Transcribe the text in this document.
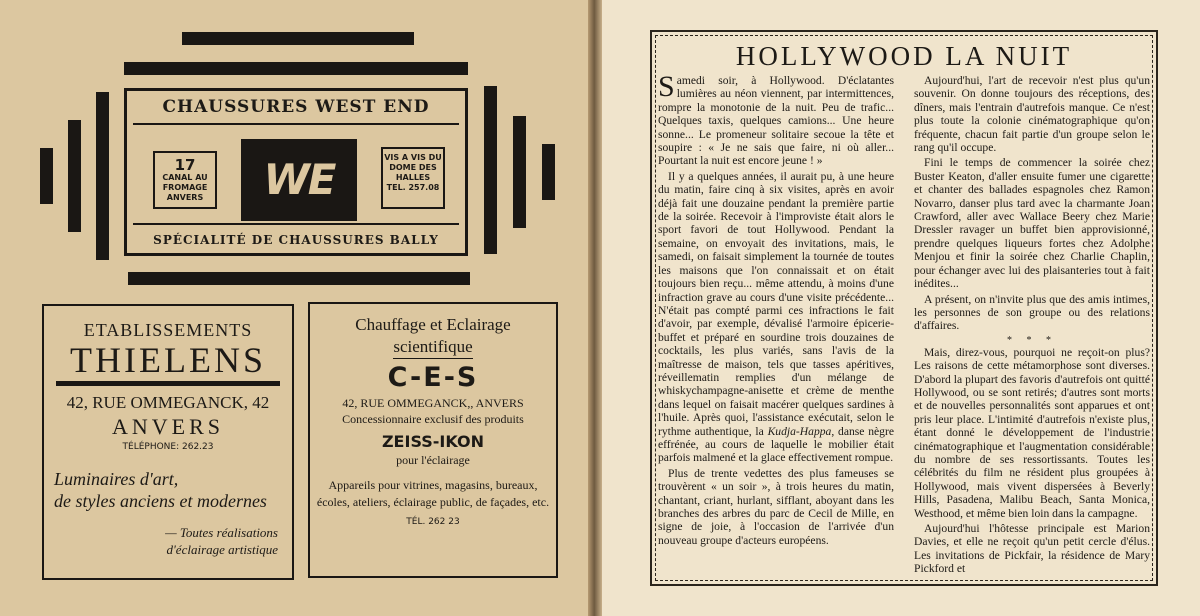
CHAUSSURES WEST END
17
CANAL AU FROMAGE ANVERS	WE	VIS A VIS DU DOME DES HALLES
TEL. 257.08
SPÉCIALITÉ DE CHAUSSURES BALLY
ETABLISSEMENTS
THIELENS
42, RUE OMMEGANCK, 42
ANVERS
TÉLÉPHONE: 262.23
Luminaires d'art,
de styles anciens et modernes
— Toutes réalisations
d'éclairage artistique
Chauffage et Eclairage
scientifique
C-E-S
42, RUE OMMEGANCK,, ANVERS
Concessionnaire exclusif des produits
ZEISS-IKON
pour l'éclairage
Appareils pour vitrines, magasins, bureaux, écoles, ateliers, éclairage public, de façades, etc.
TÉL. 262 23
HOLLYWOOD LA NUIT

Samedi soir, à Hollywood. D'éclatantes lumières au néon viennent, par intermittences, rompre la monotonie de la nuit. Peu de trafic... Quelques taxis, quelques camions... Une heure sonne... Le promeneur solitaire secoue la tête et soupire : « Je ne sais que faire, ni où aller... Pourtant la nuit est encore jeune ! »

Il y a quelques années, il aurait pu, à une heure du matin, faire cinq à six visites, après en avoir déjà fait une douzaine pendant la première partie de la soirée. Recevoir à l'improviste était alors le sport favori de tout Hollywood. Pendant la semaine, on envoyait des invitations, mais, le samedi, on faisait simplement la tournée de toutes les maisons que l'on connaissait et on était toujours bien reçu... même attendu, à moins d'une infraction grave au cours d'une visite précédente... N'était pas compté parmi ces infractions le fait d'avoir, par exemple, dévalisé l'armoire épicerie-buffet et préparé en sourdine trois douzaines de cocktails, les plus variés, sans l'avis de la maîtresse de maison, tels que tasses apéritives, réveillematin remplies d'un mélange de whiskychampagne-anisette et crème de menthe dans lequel on faisait macérer quelques sardines à l'huile. Après quoi, l'assistance exécutait, selon le rythme authentique, la Kudja-Happa, danse nègre effrénée, au cours de laquelle le mobilier était parfois malmené et la glace effectivement rompue.

Plus de trente vedettes des plus fameuses se trouvèrent « un soir », à trois heures du matin, chantant, criant, hurlant, sifflant, aboyant dans les branches des arbres du parc de Cecil de Mille, en signe de joie, à l'occasion de l'arrivée d'un nouveau groupe d'acteurs européens.

Aujourd'hui, l'art de recevoir n'est plus qu'un souvenir. On donne toujours des réceptions, des dîners, mais l'entrain d'autrefois manque. Ce n'est plus toute la colonie cinématographique qu'on fréquente, chacun fait partie d'un groupe selon le rang qu'il occupe.

Fini le temps de commencer la soirée chez Buster Keaton, d'aller ensuite fumer une cigarette et chanter des ballades espagnoles chez Ramon Novarro, danser plus tard avec la charmante Joan Crawford, aller avec Wallace Beery chez Marie Dressler ravager un buffet bien approvisionné, prendre quelques liqueurs fortes chez Adolphe Menjou et finir la soirée chez Charlie Chaplin, pour échanger avec lui des plaisanteries tout à fait inédites...

A présent, on n'invite plus que des amis intimes, les personnes de son groupe ou des relations d'affaires.

* * *

Mais, direz-vous, pourquoi ne reçoit-on plus? Les raisons de cette métamorphose sont diverses. D'abord la plupart des favoris d'autrefois ont quitté Hollywood, ou se sont retirés; d'autres sont morts et de nouvelles personnalités sont apparues et ont pris leur place. L'intimité d'autrefois n'existe plus, étant donné le développement de l'industrie cinématographique et l'augmentation considérable du nombre de ses ressortissants. Toutes les célébrités du film ne résident plus groupées à Hollywood, mais vivent dispersées à Beverly Hills, Pasadena, Malibu Beach, Santa Monica, Westhood, et même bien loin dans la campagne.

Aujourd'hui l'hôtesse principale est Marion Davies, et elle ne reçoit qu'un petit cercle d'élus. Les invitations de Pickfair, la résidence de Mary Pickford et
